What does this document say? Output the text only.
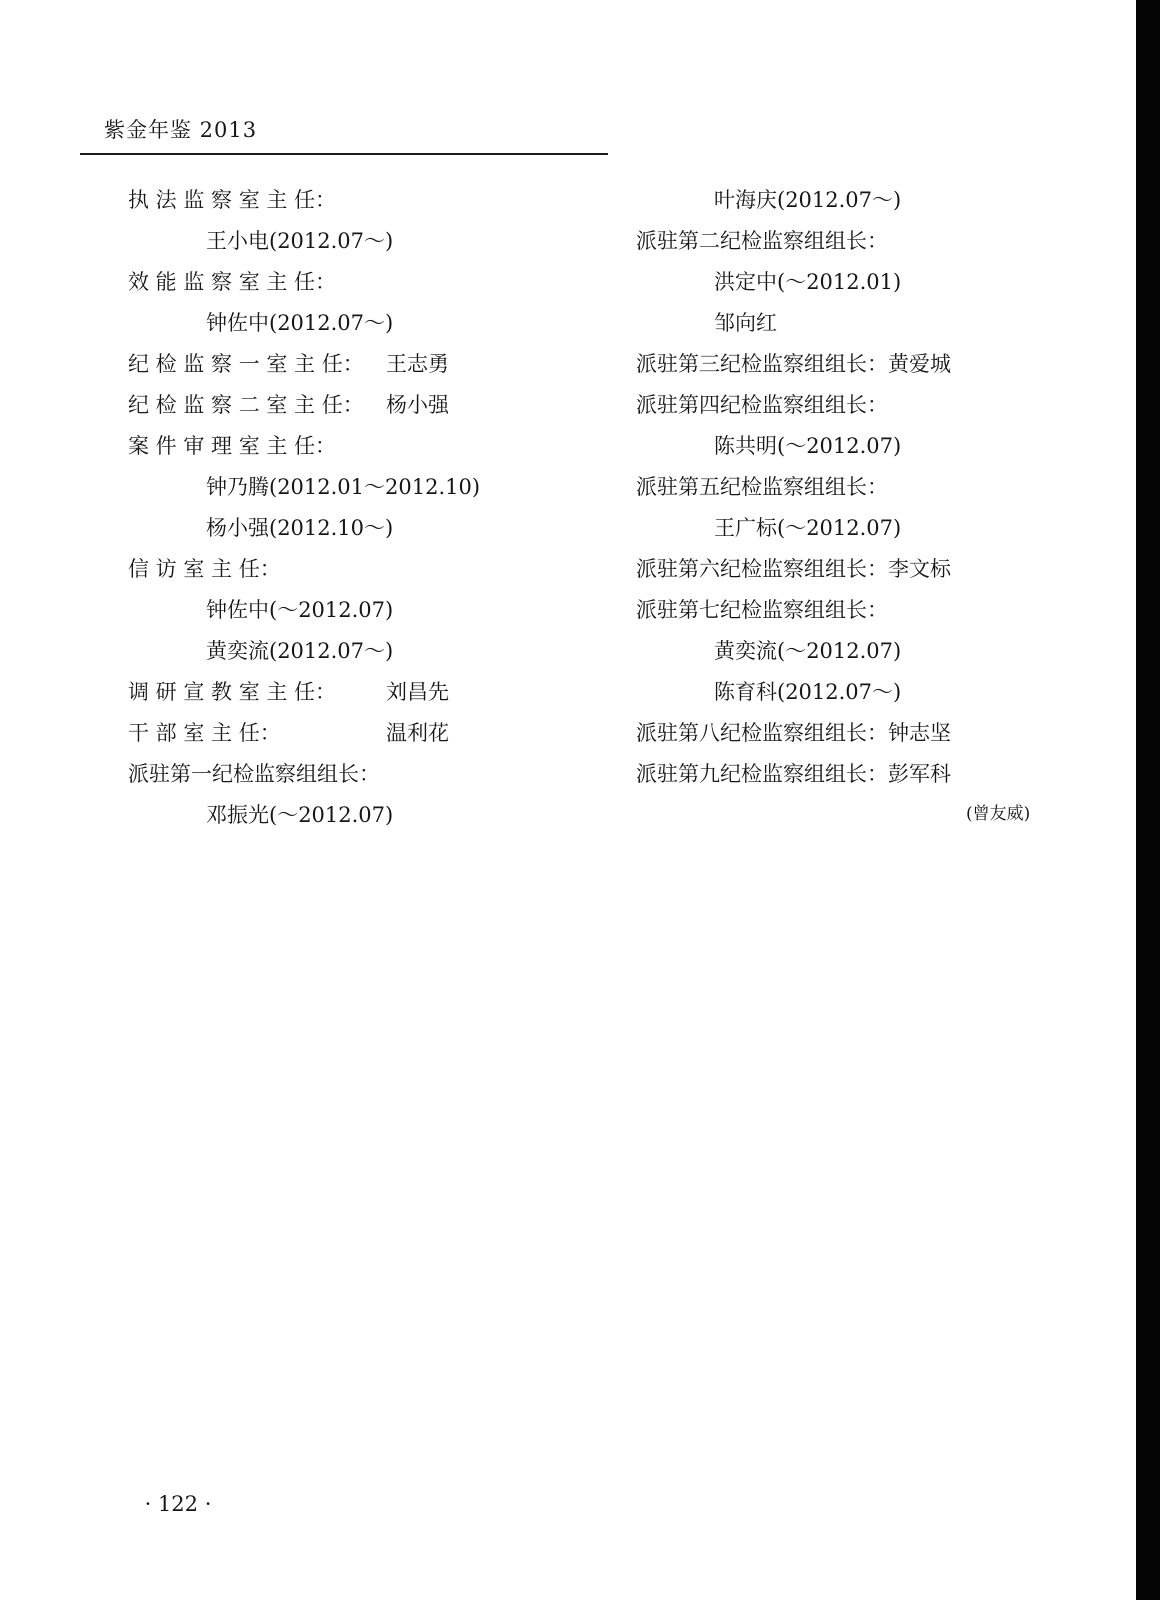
紫金年鉴 2013
执 法 监 察 室 主 任：
王小电(2012.07～)
效 能 监 察 室 主 任：
钟佐中(2012.07～)
纪 检 监 察 一 室 主 任： 王志勇
纪 检 监 察 二 室 主 任： 杨小强
案 件 审 理 室 主 任：
钟乃腾(2012.01～2012.10)
杨小强(2012.10～)
信 访 室 主 任：
钟佐中(～2012.07)
黄奕流(2012.07～)
调 研 宣 教 室 主 任： 刘昌先
干 部 室 主 任：	温利花
派驻第一纪检监察组组长：
邓振光(～2012.07)
叶海庆(2012.07～)
派驻第二纪检监察组组长：
洪定中(～2012.01)
邹向红
派驻第三纪检监察组组长：黄爱城
派驻第四纪检监察组组长：
陈共明(～2012.07)
派驻第五纪检监察组组长：
王广标(～2012.07)
派驻第六纪检监察组组长：李文标
派驻第七纪检监察组组长：
黄奕流(～2012.07)
陈育科(2012.07～)
派驻第八纪检监察组组长：钟志坚
派驻第九纪检监察组组长：彭军科
(曾友威)
· 122 ·
